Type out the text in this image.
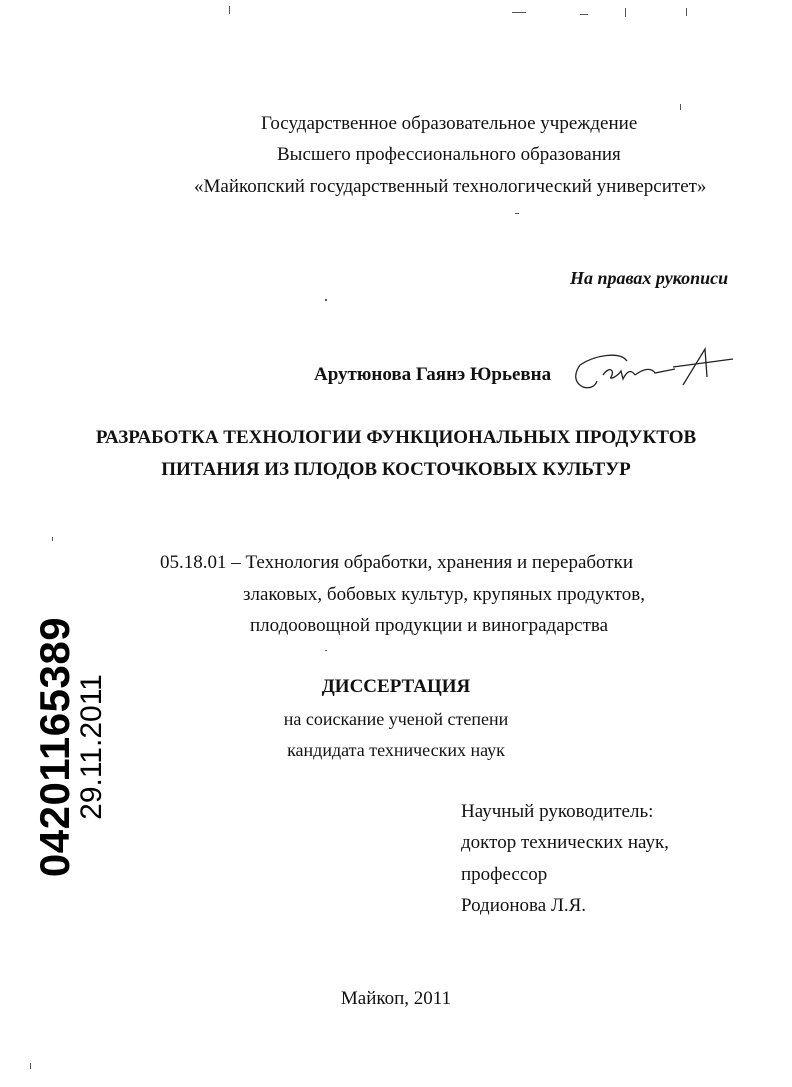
Государственное образовательное учреждение
Высшего профессионального образования
«Майкопский государственный технологический университет»
На правах рукописи
Арутюнова Гаянэ Юрьевна
РАЗРАБОТКА ТЕХНОЛОГИИ ФУНКЦИОНАЛЬНЫХ ПРОДУКТОВ
ПИТАНИЯ ИЗ ПЛОДОВ КОСТОЧКОВЫХ КУЛЬТУР
05.18.01 – Технология обработки, хранения и переработки
злаковых, бобовых культур, крупяных продуктов,
плодоовощной продукции и виноградарства
ДИССЕРТАЦИЯ
на соискание ученой степени
кандидата технических наук
Научный руководитель:
доктор технических наук,
профессор
Родионова Л.Я.
Майкоп, 2011
04201165389
29.11.2011
